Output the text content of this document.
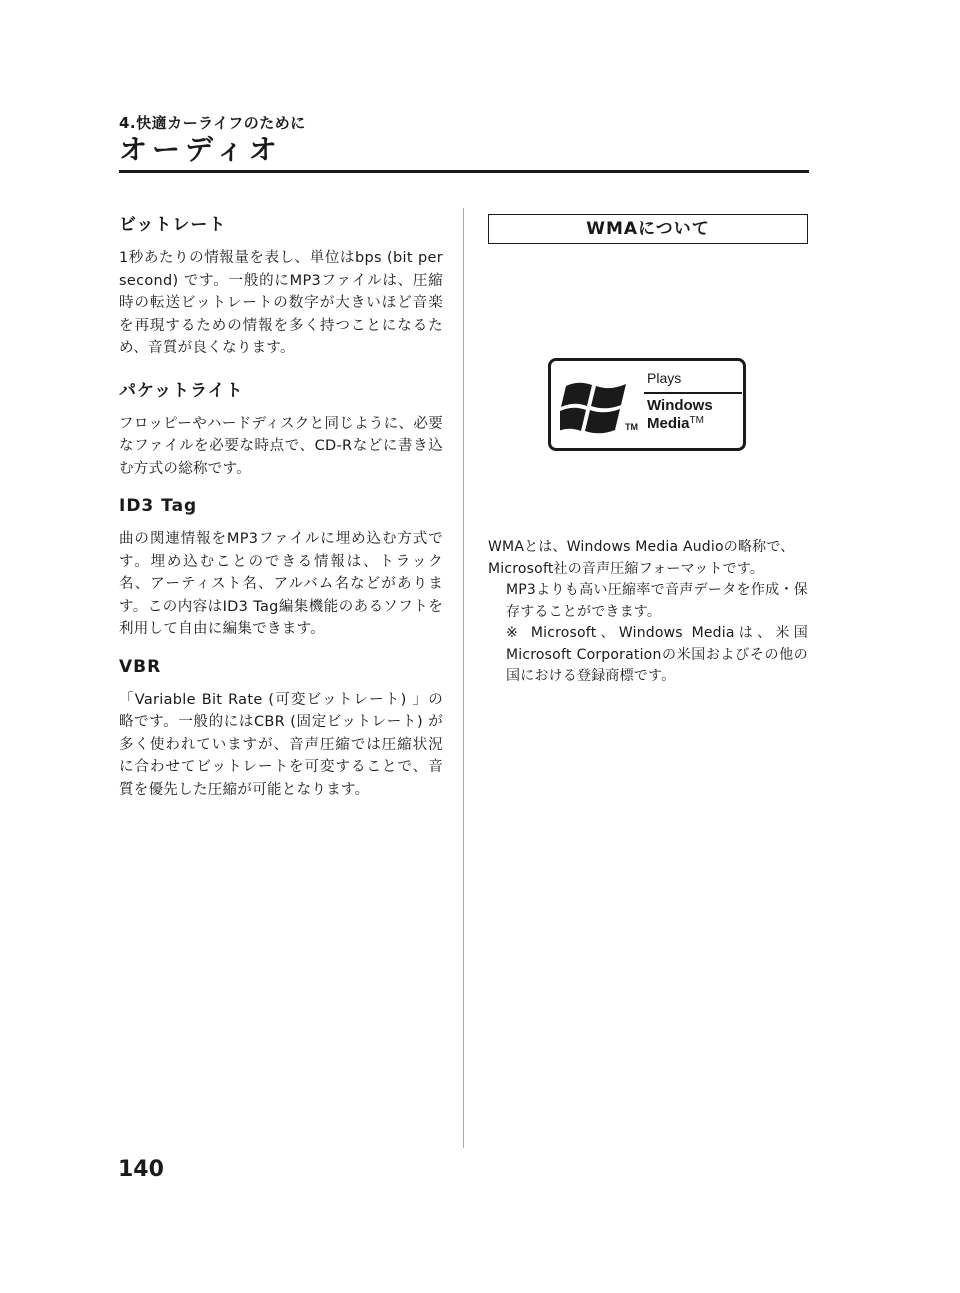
4.快適カーライフのために
オーディオ
ビットレート

1秒あたりの情報量を表し、単位はbps (bit per second) です。一般的にMP3ファイルは、圧縮時の転送ビットレートの数字が大きいほど音楽を再現するための情報を多く持つことになるため、音質が良くなります。

パケットライト

フロッピーやハードディスクと同じように、必要なファイルを必要な時点で、CD-Rなどに書き込む方式の総称です。

ID3 Tag

曲の関連情報をMP3ファイルに埋め込む方式です。埋め込むことのできる情報は、トラック名、アーティスト名、アルバム名などがあります。この内容はID3 Tag編集機能のあるソフトを利用して自由に編集できます。

VBR

「Variable Bit Rate (可変ビットレート) 」の略です。一般的にはCBR (固定ビットレート) が多く使われていますが、音声圧縮では圧縮状況に合わせてビットレートを可変することで、音質を優先した圧縮が可能となります。

WMAについて
TM
Plays
Windows
Media™

WMAとは、Windows Media Audioの略称で、Microsoft社の音声圧縮フォーマットです。

MP3よりも高い圧縮率で音声データを作成・保存することができます。

※ Microsoft、Windows Mediaは、米国Microsoft Corporationの米国およびその他の国における登録商標です。

140
